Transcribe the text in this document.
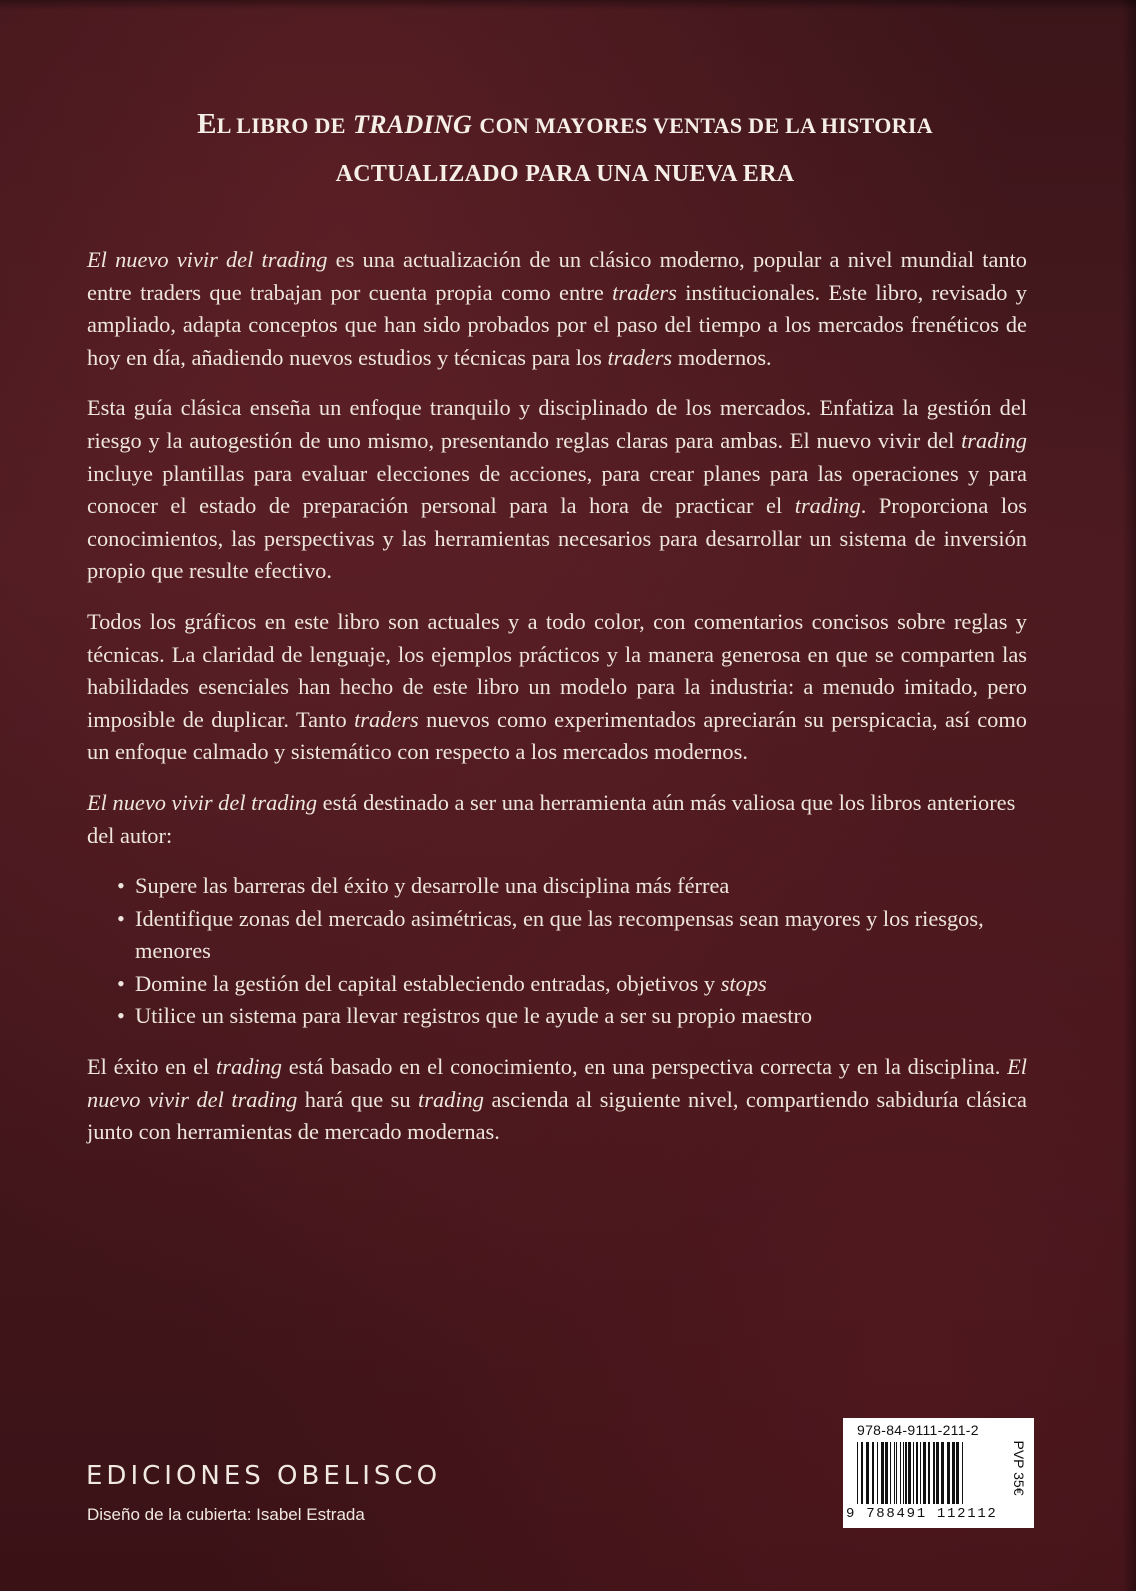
EL LIBRO DE TRADING CON MAYORES VENTAS DE LA HISTORIA
ACTUALIZADO PARA UNA NUEVA ERA

El nuevo vivir del trading es una actualización de un clásico moderno, popular a nivel mundial tanto entre traders que trabajan por cuenta propia como entre traders institucionales. Este libro, revisado y ampliado, adapta conceptos que han sido probados por el paso del tiempo a los mercados frenéticos de hoy en día, añadiendo nuevos estudios y técnicas para los traders modernos.

Esta guía clásica enseña un enfoque tranquilo y disciplinado de los mercados. Enfatiza la gestión del riesgo y la autogestión de uno mismo, presentando reglas claras para ambas. El nuevo vivir del trading incluye plantillas para evaluar elecciones de acciones, para crear planes para las operaciones y para conocer el estado de preparación personal para la hora de practicar el trading. Proporciona los conocimientos, las perspectivas y las herramientas necesarios para desarrollar un sistema de inversión propio que resulte efectivo.

Todos los gráficos en este libro son actuales y a todo color, con comentarios concisos sobre reglas y técnicas. La claridad de lenguaje, los ejemplos prácticos y la manera generosa en que se comparten las habilidades esenciales han hecho de este libro un modelo para la industria: a menudo imitado, pero imposible de duplicar. Tanto traders nuevos como experimentados apreciarán su perspicacia, así como un enfoque calmado y sistemático con respecto a los mercados modernos.

El nuevo vivir del trading está destinado a ser una herramienta aún más valiosa que los libros anteriores del autor:

• Supere las barreras del éxito y desarrolle una disciplina más férrea
• Identifique zonas del mercado asimétricas, en que las recompensas sean mayores y los riesgos, menores
• Domine la gestión del capital estableciendo entradas, objetivos y stops
• Utilice un sistema para llevar registros que le ayude a ser su propio maestro

El éxito en el trading está basado en el conocimiento, en una perspectiva correcta y en la disciplina. El nuevo vivir del trading hará que su trading ascienda al siguiente nivel, compartiendo sabiduría clásica junto con herramientas de mercado modernas.

EDICIONES OBELISCO
Diseño de la cubierta: Isabel Estrada
978-84-9111-211-2
9 788491 112112
PVP 35€
